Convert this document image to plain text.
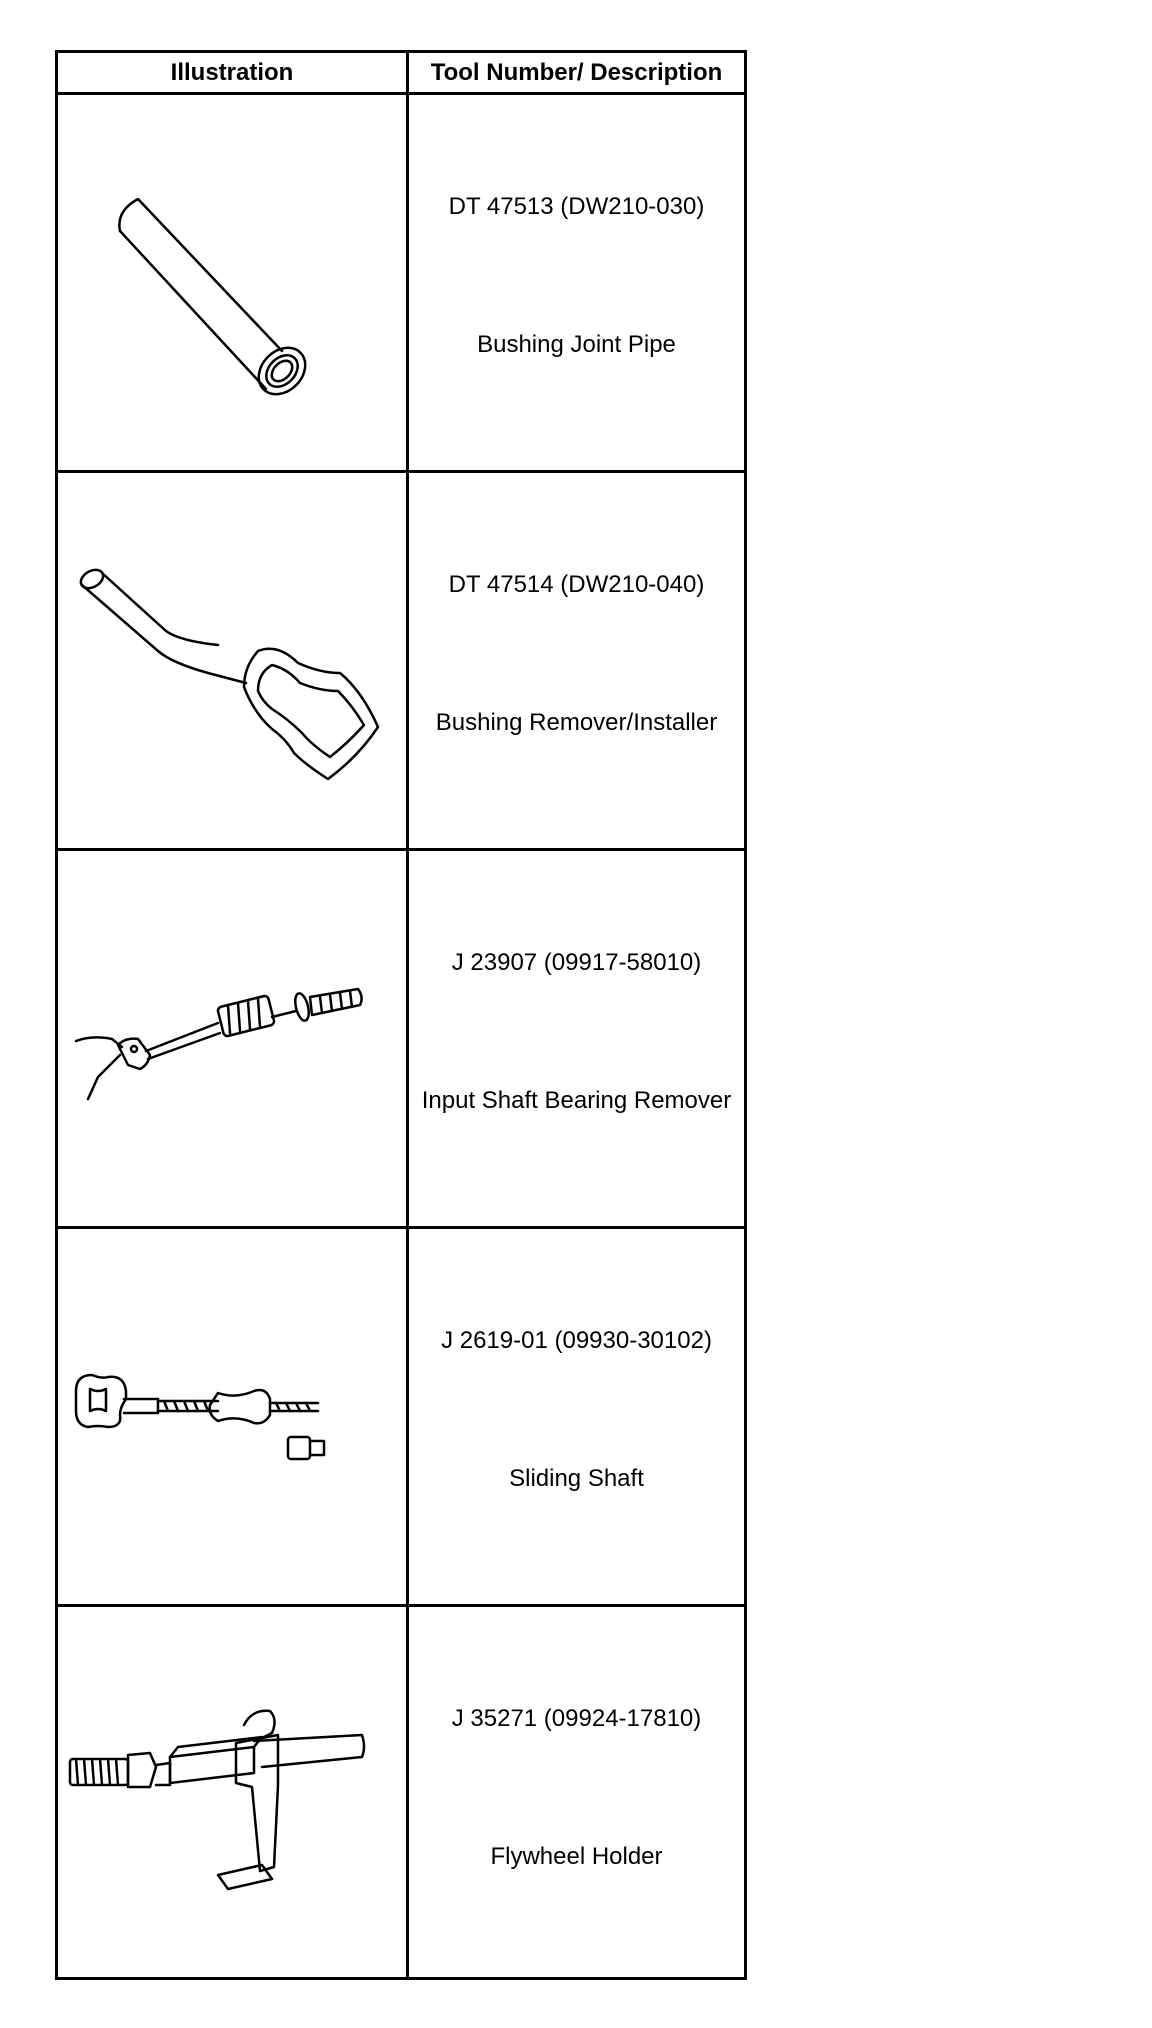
Illustration	Tool Number/ Description
DT 47513 (DW210-030)
Bushing Joint Pipe
DT 47514 (DW210-040)
Bushing Remover/Installer
J 23907 (09917-58010)
Input Shaft Bearing Remover
J 2619-01 (09930-30102)
Sliding Shaft
J 35271 (09924-17810)
Flywheel Holder
